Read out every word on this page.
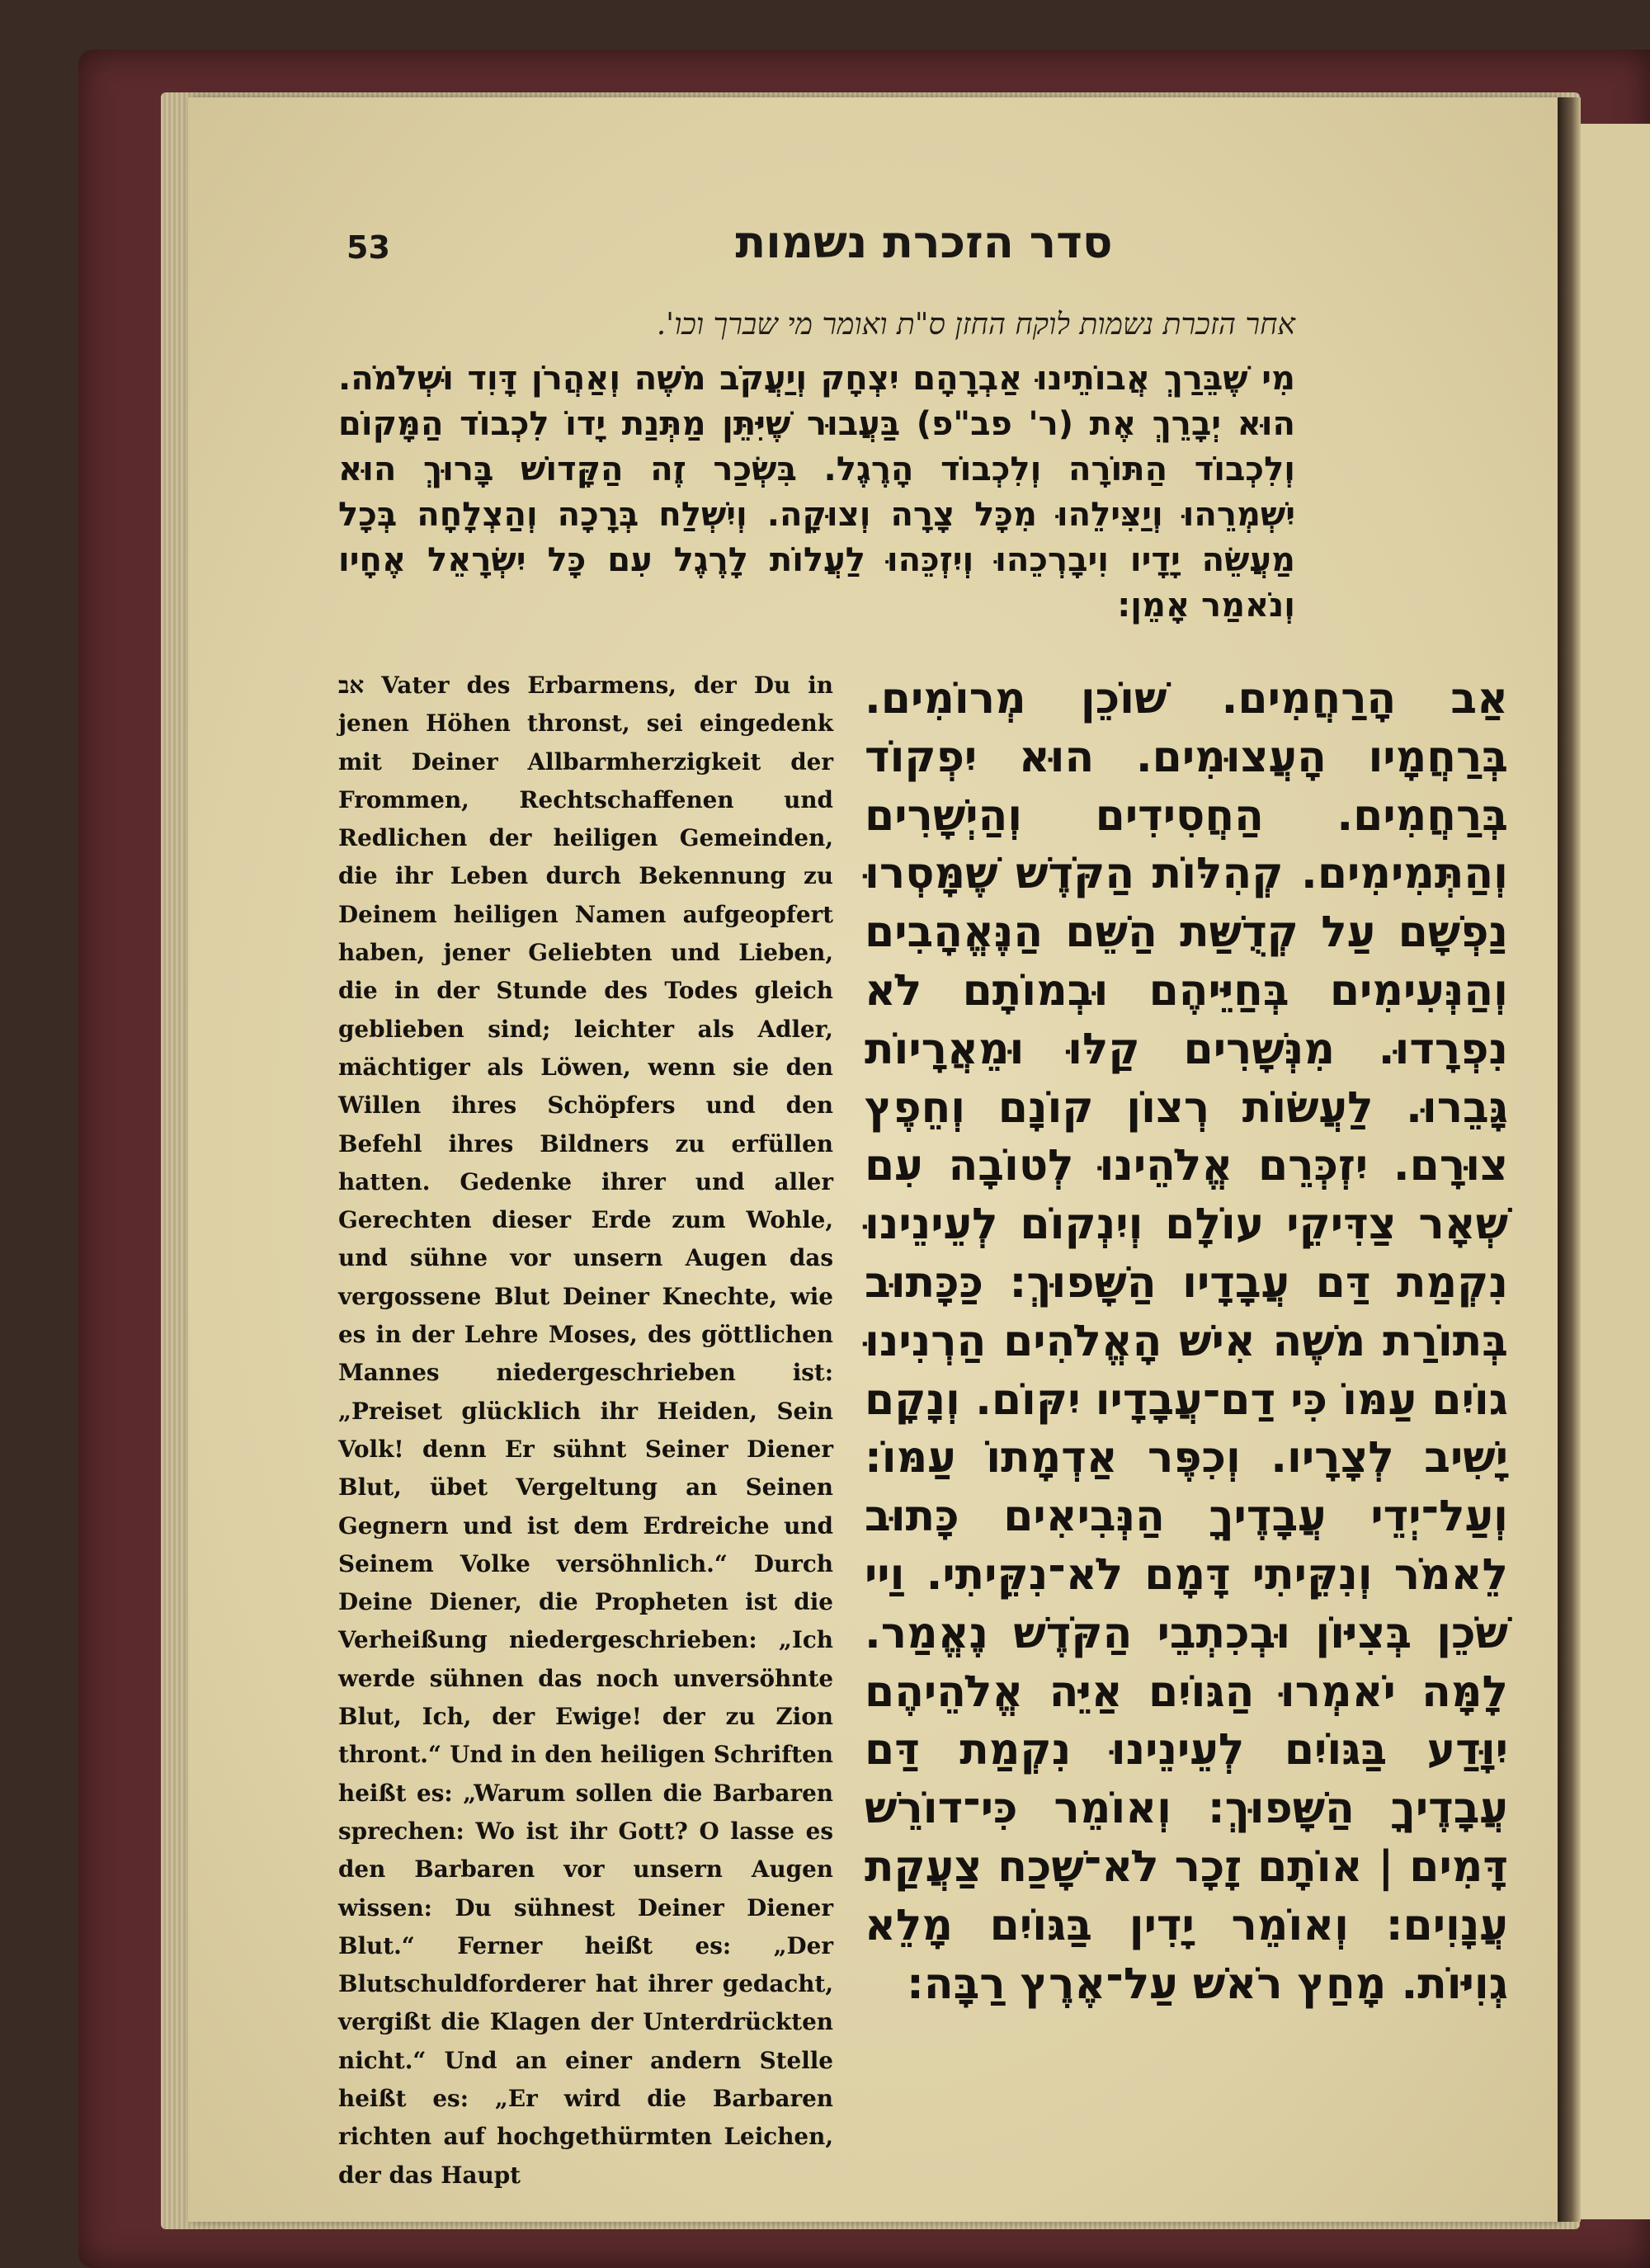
53	סדר הזכרת נשמות
אחר הזכרת נשמות לוקח החזן ס"ת ואומר מי שברך וכו'.
מִי שֶׁבֵּרַךְ אֲבוֹתֵינוּ אַבְרָהָם יִצְחָק וְיַעֲקֹב מֹשֶׁה וְאַהֲרֹן דָּוִד וּשְׁלֹמֹה. הוּא יְבָרֵךְ אֶת (ר' פב"פ) בַּעֲבוּר שֶׁיִּתֵּן מַתְּנַת יָדוֹ לִכְבוֹד הַמָּקוֹם וְלִכְבוֹד הַתּוֹרָה וְלִכְבוֹד הָרֶגֶל. בִּשְׂכַר זֶה הַקָּדוֹשׁ בָּרוּךְ הוּא יִשְׁמְרֵהוּ וְיַצִּילֵהוּ מִכָּל צָרָה וְצוּקָה. וְיִשְׁלַח בְּרָכָה וְהַצְלָחָה בְּכָל מַעֲשֵׂה יָדָיו וִיבָרְכֵהוּ וְיִזְכֵּהוּ לַעֲלוֹת לָרֶגֶל עִם כָּל יִשְׂרָאֵל אֶחָיו וְנֹאמַר אָמֵן:
אב Vater des Erbarmens, der Du in jenen Höhen thronst, sei eingedenk mit Deiner Allbarmherzigkeit der Frommen, Rechtschaffenen und Redlichen der heiligen Gemeinden, die ihr Leben durch Bekennung zu Deinem heiligen Namen aufgeopfert haben, jener Geliebten und Lieben, die in der Stunde des Todes gleich geblieben sind; leichter als Adler, mächtiger als Löwen, wenn sie den Willen ihres Schöpfers und den Befehl ihres Bildners zu erfüllen hatten. Gedenke ihrer und aller Gerechten dieser Erde zum Wohle, und sühne vor unsern Augen das vergossene Blut Deiner Knechte, wie es in der Lehre Moses, des göttlichen Mannes niedergeschrieben ist: „Preiset glücklich ihr Heiden, Sein Volk! denn Er sühnt Seiner Diener Blut, übet Vergeltung an Seinen Gegnern und ist dem Erdreiche und Seinem Volke versöhnlich.“ Durch Deine Diener, die Propheten ist die Verheißung niedergeschrieben: „Ich werde sühnen das noch unversöhnte Blut, Ich, der Ewige! der zu Zion thront.“ Und in den heiligen Schriften heißt es: „Warum sollen die Barbaren sprechen: Wo ist ihr Gott? O lasse es den Barbaren vor unsern Augen wissen: Du sühnest Deiner Diener Blut.“ Ferner heißt es: „Der Blutschuldforderer hat ihrer gedacht, vergißt die Klagen der Unterdrückten nicht.“ Und an einer andern Stelle heißt es: „Er wird die Barbaren richten auf hochgethürmten Leichen, der das Haupt
אַב הָרַחֲמִים. שׁוֹכֵן מְרוֹמִים. בְּרַחֲמָיו הָעֲצוּמִים. הוּא יִפְקוֹד בְּרַחֲמִים. הַחֲסִידִים וְהַיְשָׁרִים וְהַתְּמִימִים. קְהִלּוֹת הַקֹּדֶשׁ שֶׁמָּסְרוּ נַפְשָׁם עַל קְדֻשַּׁת הַשֵּׁם הַנֶּאֱהָבִים וְהַנְּעִימִים בְּחַיֵּיהֶם וּבְמוֹתָם לֹא נִפְרָדוּ. מִנְּשָׁרִים קַלּוּ וּמֵאֲרָיוֹת גָּבֵרוּ. לַעֲשׂוֹת רְצוֹן קוֹנָם וְחֵפֶץ צוּרָם. יִזְכְּרֵם אֱלֹהֵינוּ לְטוֹבָה עִם שְׁאָר צַדִּיקֵי עוֹלָם וְיִנְקוֹם לְעֵינֵינוּ נִקְמַת דַּם עֲבָדָיו הַשָּׁפוּךְ: כַּכָּתוּב בְּתוֹרַת משֶׁה אִישׁ הָאֱלֹהִים הַרְנִינוּ גוֹיִם עַמּוֹ כִּי דַם־עֲבָדָיו יִקּוֹם. וְנָקָם יָשִׁיב לְצָרָיו. וְכִפֶּר אַדְמָתוֹ עַמּוֹ: וְעַל־יְדֵי עֲבָדֶיךָ הַנְּבִיאִים כָּתוּב לֵאמֹר וְנִקֵּיתִי דָּמָם לֹא־נִקֵּיתִי. וַיי שֹׁכֵן בְּצִיּוֹן וּבְכִתְבֵי הַקֹּדֶשׁ נֶאֱמַר. לָמָּה יֹאמְרוּ הַגּוֹיִם אַיֵּה אֱלֹהֵיהֶם יִוָּדַע בַּגּוֹיִם לְעֵינֵינוּ נִקְמַת דַּם עֲבָדֶיךָ הַשָּׁפוּךְ: וְאוֹמֵר כִּי־דוֹרֵשׁ דָּמִים | אוֹתָם זָכָר לֹא־שָׁכַח צַעֲקַת עֲנָוִים: וְאוֹמֵר יָדִין בַּגּוֹיִם מָלֵא גְוִיּוֹת. מָחַץ רֹאשׁ עַל־אֶרֶץ רַבָּה:
